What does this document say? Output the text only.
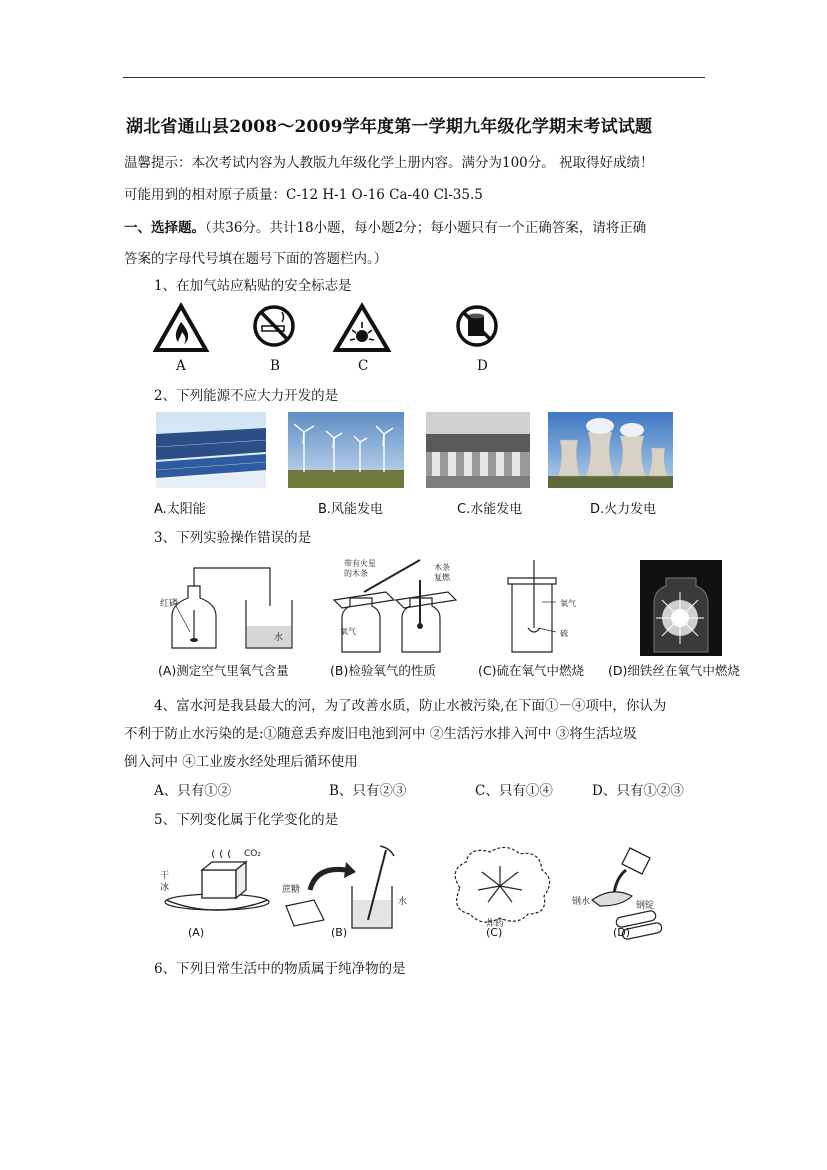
湖北省通山县2008～2009学年度第一学期九年级化学期末考试试题
温馨提示：本次考试内容为人教版九年级化学上册内容。满分为100分。 祝取得好成绩！
可能用到的相对原子质量：C-12 H-1 O-16 Ca-40 Cl-35.5
一、选择题。（共36分。共计18小题，每小题2分；每小题只有一个正确答案，请将正确
答案的字母代号填在题号下面的答题栏内。）
1、在加气站应粘贴的安全标志是
A	B	C	D
2、下列能源不应大力开发的是
A.太阳能	B.风能发电	C.水能发电	D.火力发电
3、下列实验操作错误的是
红磷
水
带有火星
的木条
木条
复燃
氧气
氧气
硫
(A)测定空气里氧气含量	(B)检验氧气的性质	(C)硫在氧气中燃烧 (D)细铁丝在氧气中燃烧
4、富水河是我县最大的河，为了改善水质，防止水被污染,在下面①－④项中，你认为
不利于防止水污染的是:①随意丢弃废旧电池到河中 ②生活污水排入河中 ③将生活垃圾
倒入河中 ④工业废水经处理后循环使用
A、只有①②	B、只有②③	C、只有①④	D、只有①②③
5、下列变化属于化学变化的是
CO₂
干
冰	蔗糖
水
炸药
钢水	钢锭
(A)	(B)	(C)	(D)
6、下列日常生活中的物质属于纯净物的是
